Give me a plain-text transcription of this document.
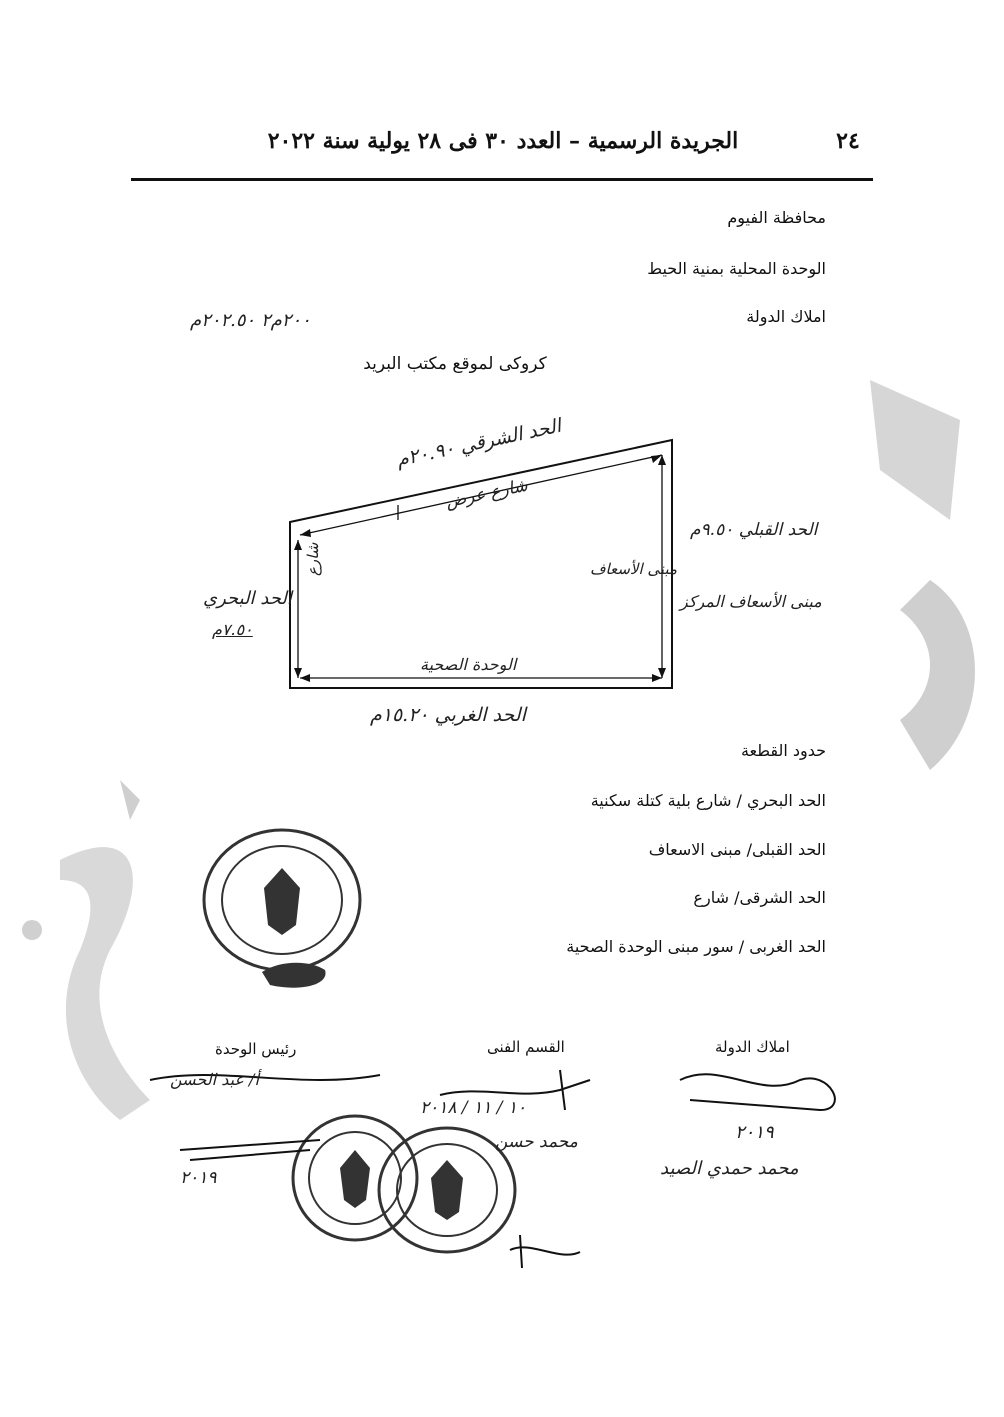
الجريدة الرسمية – العدد ٣٠ فى ٢٨ يولية سنة ٢٠٢٢	٢٤
محافظة الفيوم
الوحدة المحلية بمنية الحيط
املاك الدولة
٢٠٠م٢ ٢٠٢.٥٠م
كروكى لموقع مكتب البريد
الحد الشرقي ٢٠.٩٠م
شارع عرض
الحد القبلي ٩.٥٠م
مبنى الأسعاف
مبنى الأسعاف المركز
الحد البحري
٧.٥٠م
شارع
الوحدة الصحية
الحد الغربي ١٥.٢٠م
حدود القطعة
الحد البحري / شارع بلية كتلة سكنية
الحد القبلى/ مبنى الاسعاف
الحد الشرقى/ شارع
الحد الغربى / سور مبنى الوحدة الصحية
املاك الدولة
القسم الفنى
رئيس الوحدة
٢٠١٩
محمد حمدي الصيد
١٠ / ١١ / ٢٠١٨
محمد حسن
أ/ عبد الحسن
٢٠١٩
